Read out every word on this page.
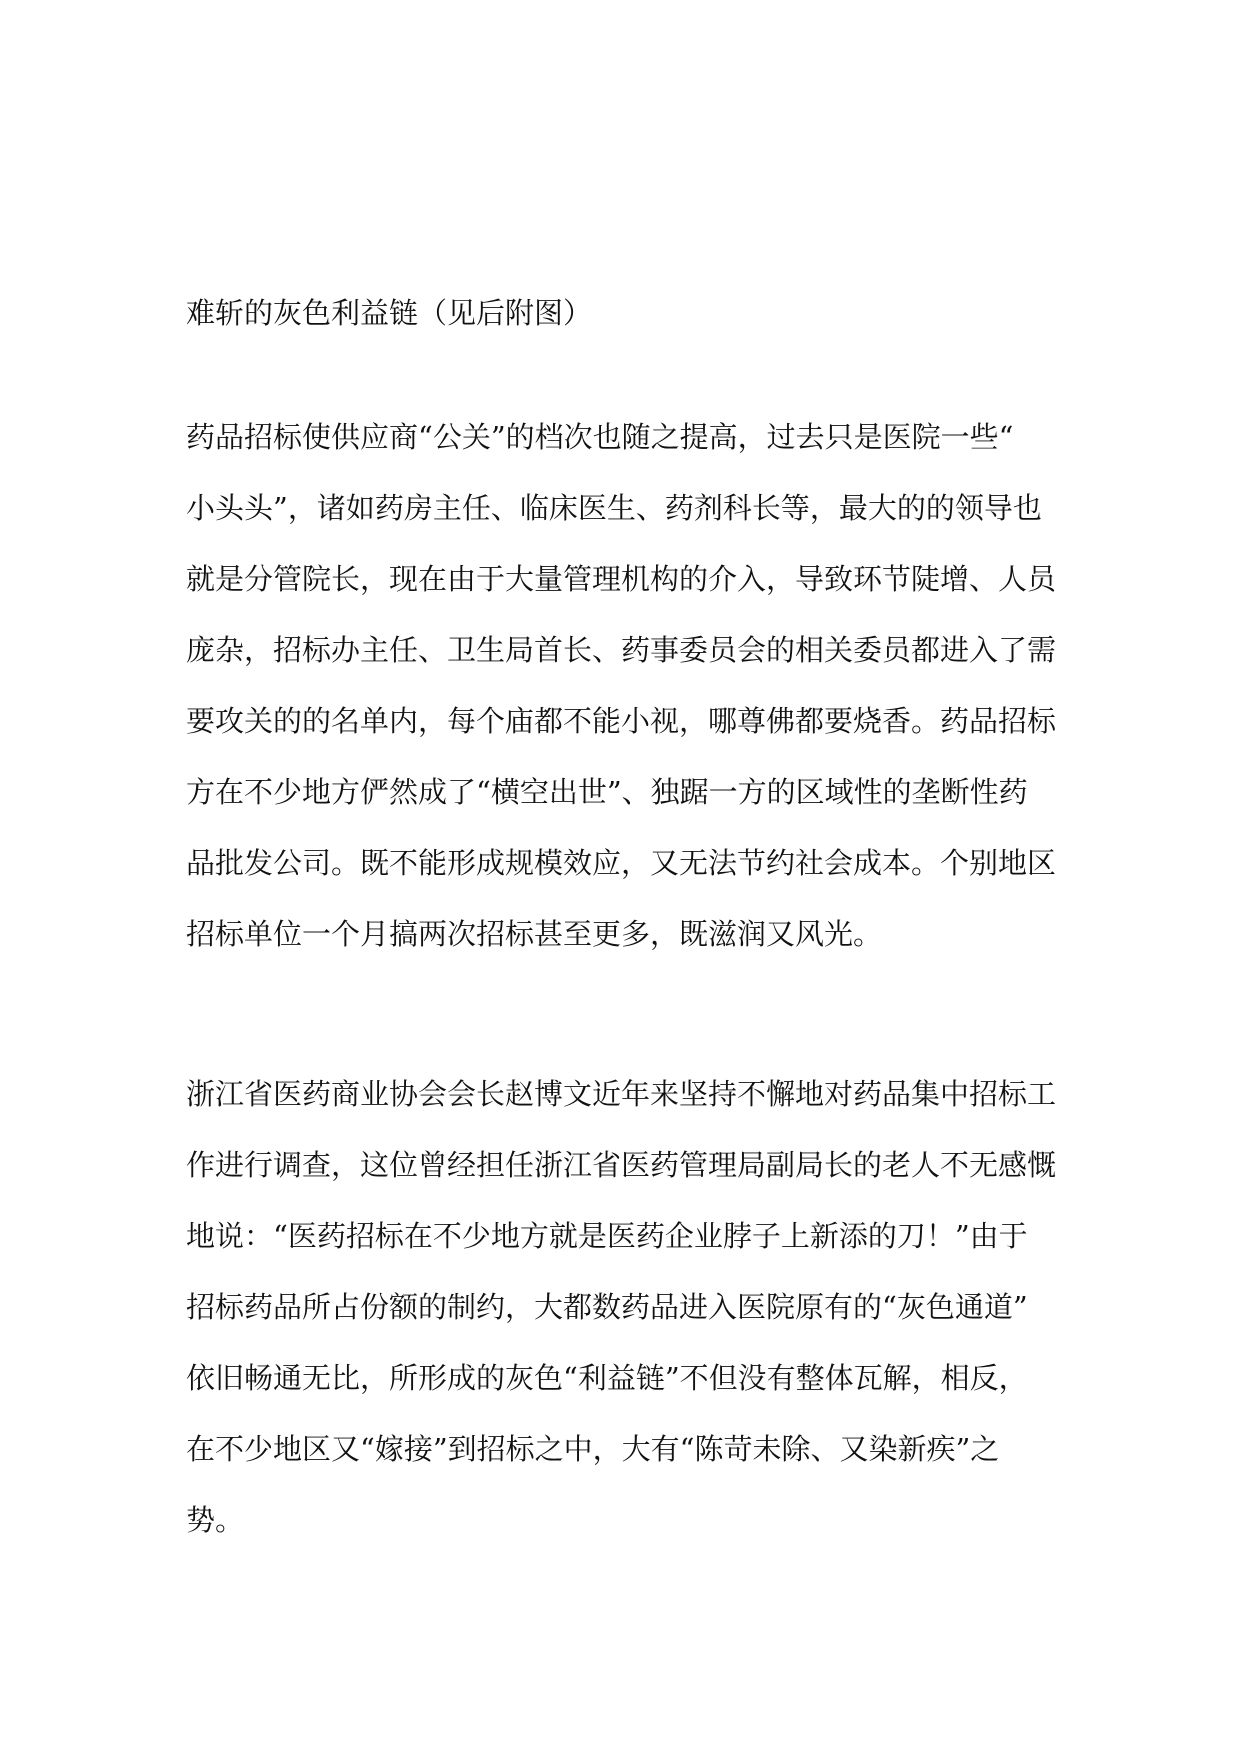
难斩的灰色利益链（见后附图）
药品招标使供应商“公关”的档次也随之提高，过去只是医院一些“
小头头”，诸如药房主任、临床医生、药剂科长等，最大的的领导也
就是分管院长，现在由于大量管理机构的介入，导致环节陡增、人员
庞杂，招标办主任、卫生局首长、药事委员会的相关委员都进入了需
要攻关的的名单内，每个庙都不能小视，哪尊佛都要烧香。药品招标
方在不少地方俨然成了“横空出世”、独踞一方的区域性的垄断性药
品批发公司。既不能形成规模效应，又无法节约社会成本。个别地区
招标单位一个月搞两次招标甚至更多，既滋润又风光。
浙江省医药商业协会会长赵博文近年来坚持不懈地对药品集中招标工
作进行调查，这位曾经担任浙江省医药管理局副局长的老人不无感慨
地说：“医药招标在不少地方就是医药企业脖子上新添的刀！”由于
招标药品所占份额的制约，大都数药品进入医院原有的“灰色通道”
依旧畅通无比，所形成的灰色“利益链”不但没有整体瓦解，相反，
在不少地区又“嫁接”到招标之中，大有“陈苛未除、又染新疾”之
势。
